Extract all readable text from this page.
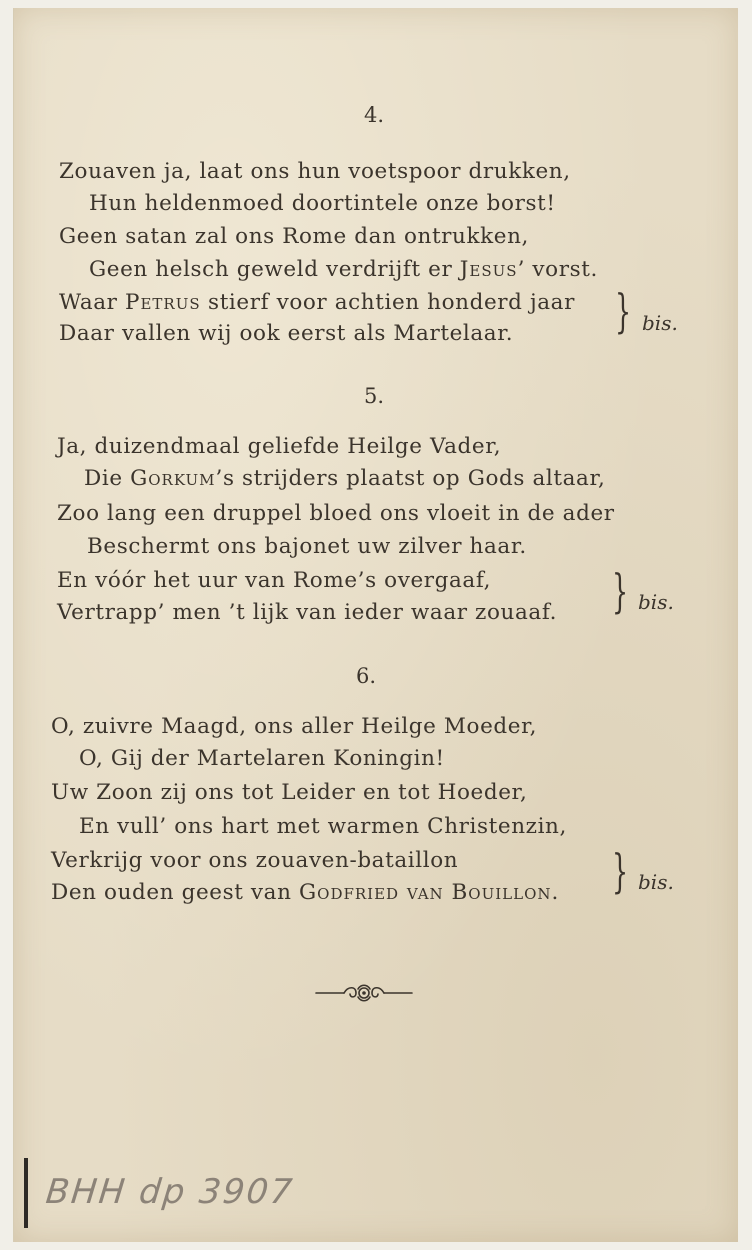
4.
Zouaven ja, laat ons hun voetspoor drukken,
Hun heldenmoed doortintele onze borst!
Geen satan zal ons Rome dan ontrukken,
Geen helsch geweld verdrijft er Jesus’ vorst.
Waar Petrus stierf voor achtien honderd jaar
Daar vallen wij ook eerst als Martelaar. } bis.
5.
Ja, duizendmaal geliefde Heilge Vader,
Die Gorkum’s strijders plaatst op Gods altaar,
Zoo lang een druppel bloed ons vloeit in de ader
Beschermt ons bajonet uw zilver haar.
En vóór het uur van Rome’s overgaaf,
Vertrapp’ men ’t lijk van ieder waar zouaaf. } bis.
6.
O, zuivre Maagd, ons aller Heilge Moeder,
O, Gij der Martelaren Koningin!
Uw Zoon zij ons tot Leider en tot Hoeder,
En vull’ ons hart met warmen Christenzin,
Verkrijg voor ons zouaven-bataillon
Den ouden geest van Godfried van Bouillon. } bis.
BHH dp 3907
